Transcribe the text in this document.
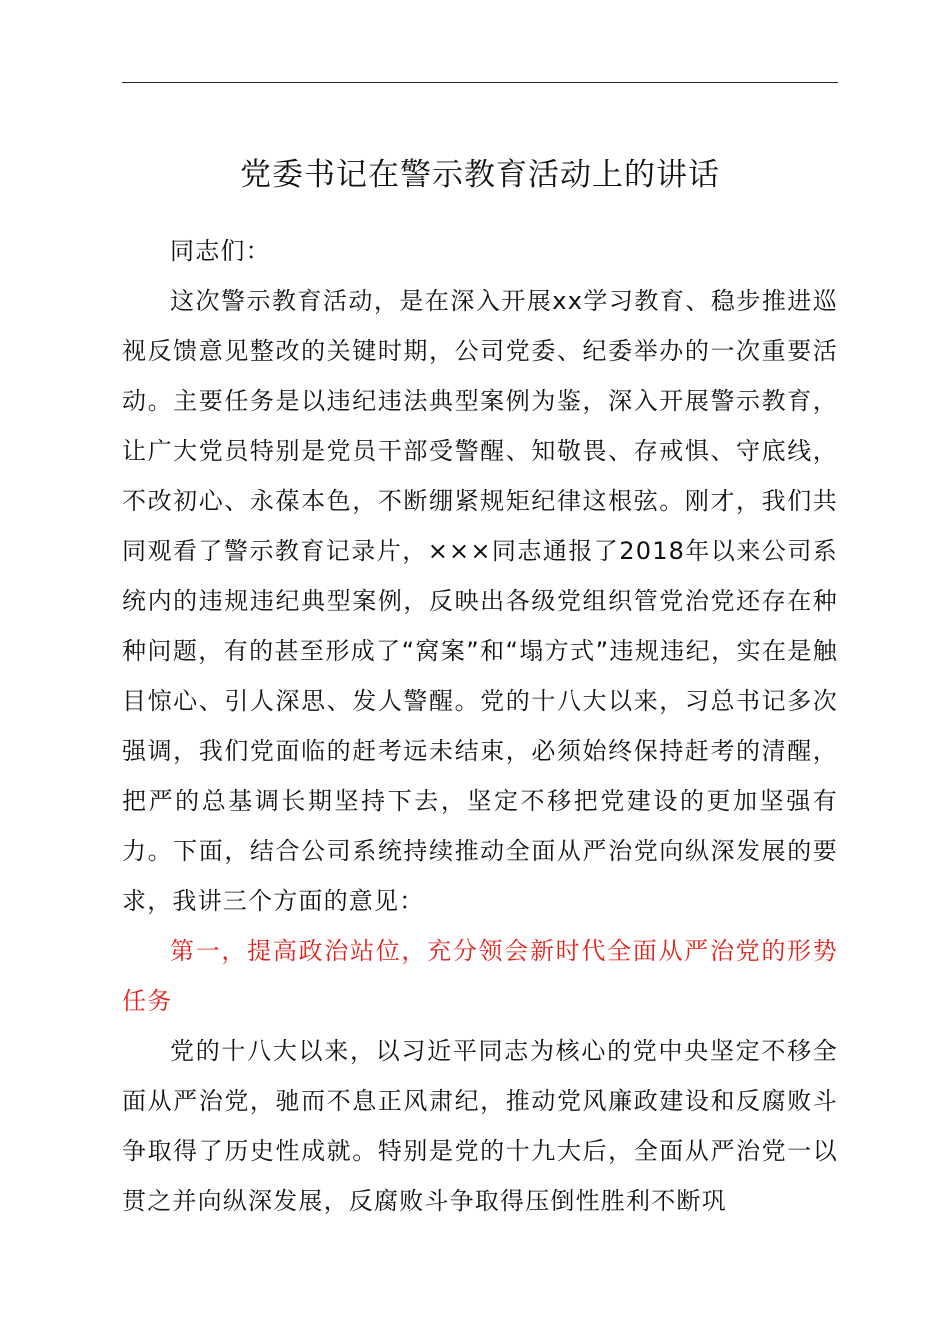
党委书记在警示教育活动上的讲话

同志们：

这次警示教育活动，是在深入开展xx学习教育、稳步推进巡视反馈意见整改的关键时期，公司党委、纪委举办的一次重要活动。主要任务是以违纪违法典型案例为鉴，深入开展警示教育，让广大党员特别是党员干部受警醒、知敬畏、存戒惧、守底线，不改初心、永葆本色，不断绷紧规矩纪律这根弦。刚才，我们共同观看了警示教育记录片，×××同志通报了2018年以来公司系统内的违规违纪典型案例，反映出各级党组织管党治党还存在种种问题，有的甚至形成了“窝案”和“塌方式”违规违纪，实在是触目惊心、引人深思、发人警醒。党的十八大以来，习总书记多次强调，我们党面临的赶考远未结束，必须始终保持赶考的清醒，把严的总基调长期坚持下去，坚定不移把党建设的更加坚强有力。下面，结合公司系统持续推动全面从严治党向纵深发展的要求，我讲三个方面的意见：

第一，提高政治站位，充分领会新时代全面从严治党的形势任务

党的十八大以来，以习近平同志为核心的党中央坚定不移全面从严治党，驰而不息正风肃纪，推动党风廉政建设和反腐败斗争取得了历史性成就。特别是党的十九大后，全面从严治党一以贯之并向纵深发展，反腐败斗争取得压倒性胜利不断巩
